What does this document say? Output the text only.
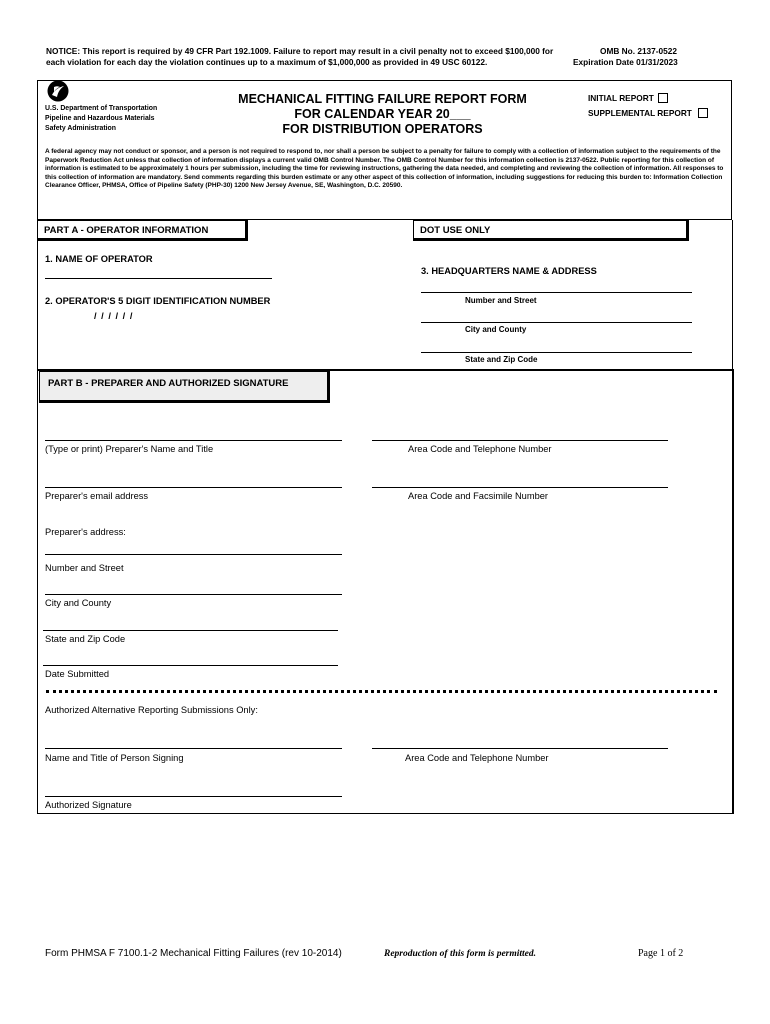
NOTICE: This report is required by 49 CFR Part 192.1009. Failure to report may result in a civil penalty not to exceed $100,000 for
each violation for each day the violation continues up to a maximum of $1,000,000 as provided in 49 USC 60122.
OMB No. 2137-0522
Expiration Date 01/31/2023
U.S. Department of Transportation
Pipeline and Hazardous Materials
Safety Administration
MECHANICAL FITTING FAILURE REPORT FORM
FOR CALENDAR YEAR 20___
FOR DISTRIBUTION OPERATORS
INITIAL REPORT
SUPPLEMENTAL REPORT
A federal agency may not conduct or sponsor, and a person is not required to respond to, nor shall a person be subject to a penalty for failure to comply with a collection of information subject to the requirements of the Paperwork Reduction Act unless that collection of information displays a current valid OMB Control Number. The OMB Control Number for this information collection is 2137-0522. Public reporting for this collection of information is estimated to be approximately 1 hours per submission, including the time for reviewing instructions, gathering the data needed, and completing and reviewing the collection of information. All responses to this collection of information are mandatory. Send comments regarding this burden estimate or any other aspect of this collection of information, including suggestions for reducing this burden to: Information Collection Clearance Officer, PHMSA, Office of Pipeline Safety (PHP-30) 1200 New Jersey Avenue, SE, Washington, D.C. 20590.
PART A - OPERATOR INFORMATION	DOT USE ONLY
1. NAME OF OPERATOR
2. OPERATOR'S 5 DIGIT IDENTIFICATION NUMBER
/ / / / / /
3. HEADQUARTERS NAME & ADDRESS
Number and Street
City and County
State and Zip Code
PART B - PREPARER AND AUTHORIZED SIGNATURE
(Type or print) Preparer's Name and Title	Area Code and Telephone Number
Preparer's email address	Area Code and Facsimile Number
Preparer's address:
Number and Street
City and County
State and Zip Code
Date Submitted
Authorized Alternative Reporting Submissions Only:
Name and Title of Person Signing	Area Code and Telephone Number
Authorized Signature
Form PHMSA F 7100.1-2 Mechanical Fitting Failures (rev 10-2014)	Reproduction of this form is permitted.	Page 1 of 2
